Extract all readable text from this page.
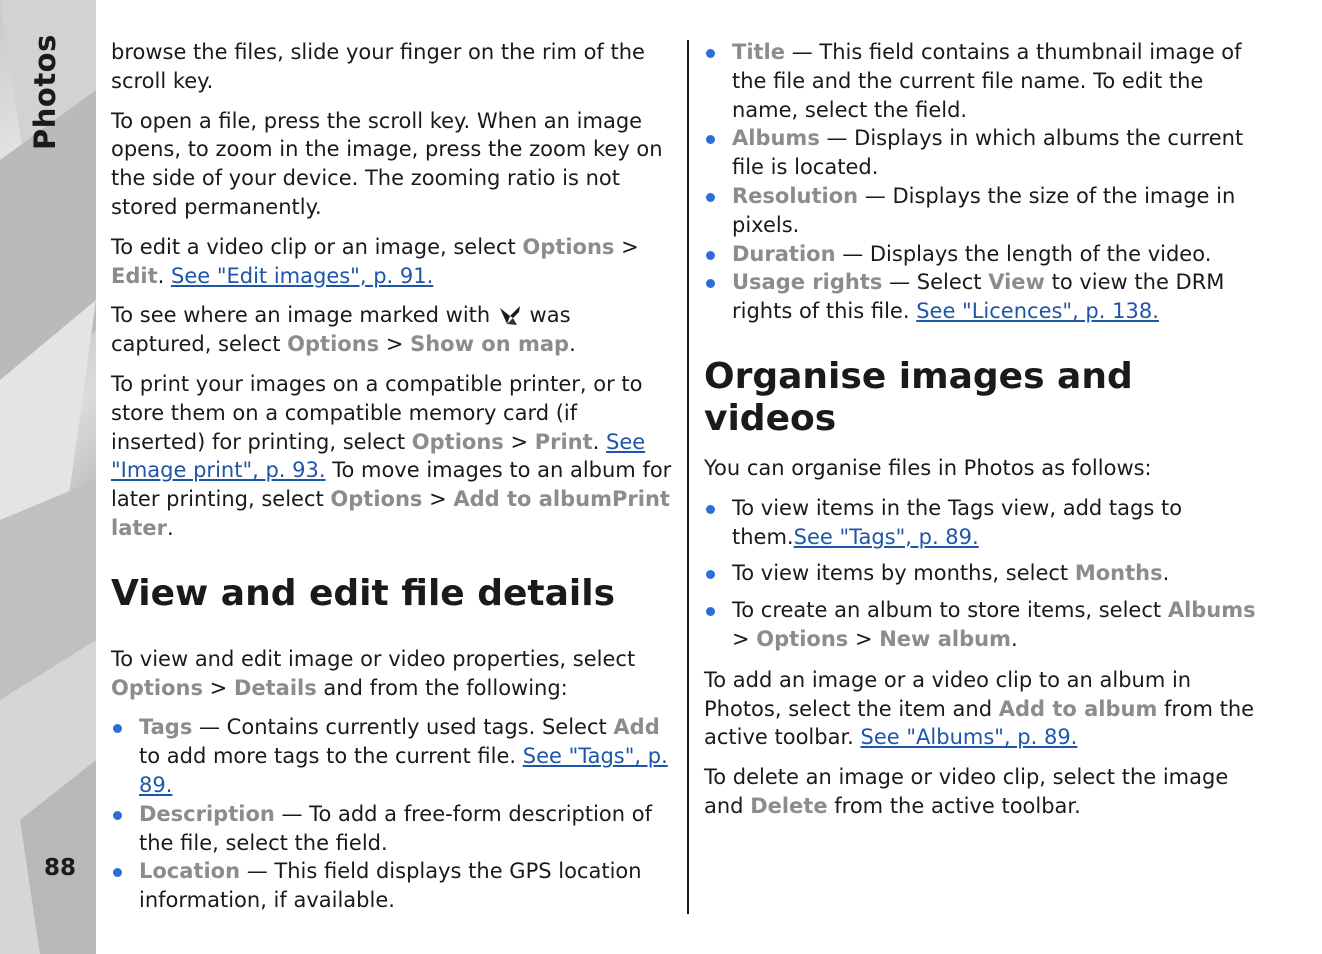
Photos
88

browse the files, slide your finger on the rim of the scroll key.

To open a file, press the scroll key. When an image opens, to zoom in the image, press the zoom key on the side of your device. The zooming ratio is not stored permanently.

To edit a video clip or an image, select Options > Edit. See "Edit images", p. 91.

To see where an image marked with  was captured, select Options > Show on map.

To print your images on a compatible printer, or to store them on a compatible memory card (if inserted) for printing, select Options > Print. See "Image print", p. 93. To move images to an album for later printing, select Options > Add to albumPrint later.

View and edit file details

To view and edit image or video properties, select Options > Details and from the following:

Tags — Contains currently used tags. Select Add to add more tags to the current file. See "Tags", p. 89.
Description — To add a free-form description of the file, select the field.
Location — This field displays the GPS location information, if available.
Title — This field contains a thumbnail image of the file and the current file name. To edit the name, select the field.
Albums — Displays in which albums the current file is located.
Resolution — Displays the size of the image in pixels.
Duration — Displays the length of the video.
Usage rights — Select View to view the DRM rights of this file. See "Licences", p. 138.
Organise images and videos

You can organise files in Photos as follows:

To view items in the Tags view, add tags to them.See "Tags", p. 89.
To view items by months, select Months.
To create an album to store items, select Albums > Options > New album.

To add an image or a video clip to an album in Photos, select the item and Add to album from the active toolbar. See "Albums", p. 89.

To delete an image or video clip, select the image and Delete from the active toolbar.
